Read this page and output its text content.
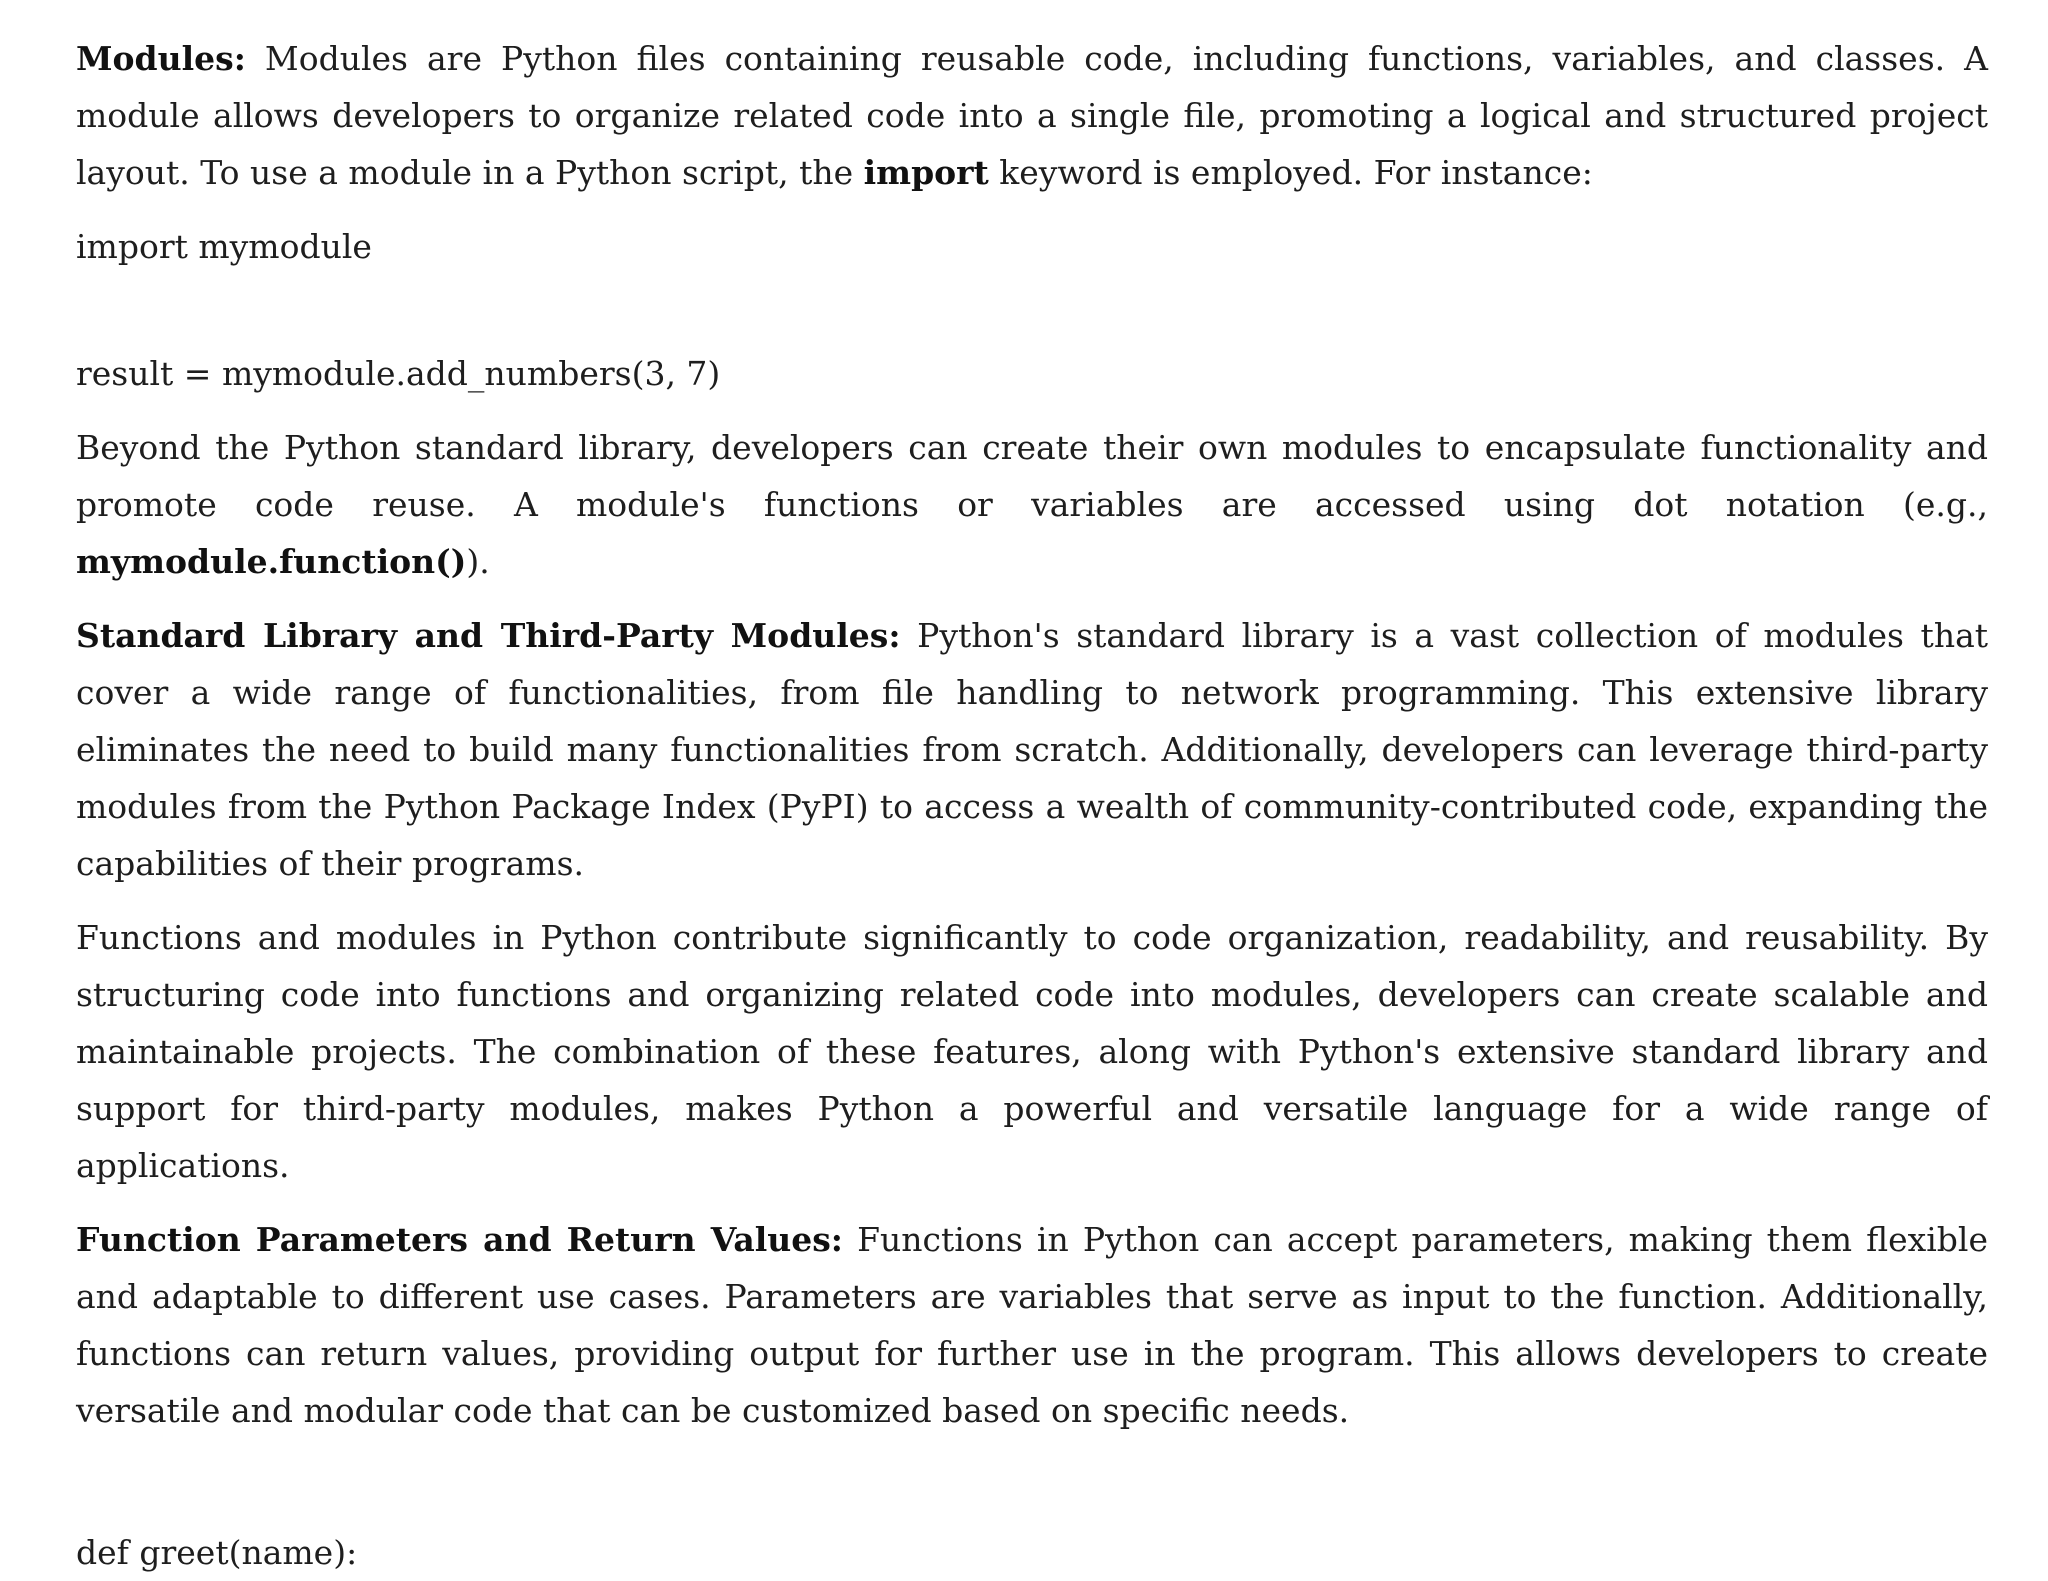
Modules: Modules are Python files containing reusable code, including functions, variables, and classes. A module allows developers to organize related code into a single file, promoting a logical and structured project layout. To use a module in a Python script, the import keyword is employed. For instance:

import mymodule

result = mymodule.add_numbers(3, 7)

Beyond the Python standard library, developers can create their own modules to encapsulate functionality and promote code reuse. A module's functions or variables are accessed using dot notation (e.g., mymodule.function()).

Standard Library and Third-Party Modules: Python's standard library is a vast collection of modules that cover a wide range of functionalities, from file handling to network programming. This extensive library eliminates the need to build many functionalities from scratch. Additionally, developers can leverage third-party modules from the Python Package Index (PyPI) to access a wealth of community-contributed code, expanding the capabilities of their programs.

Functions and modules in Python contribute significantly to code organization, readability, and reusability. By structuring code into functions and organizing related code into modules, developers can create scalable and maintainable projects. The combination of these features, along with Python's extensive standard library and support for third-party modules, makes Python a powerful and versatile language for a wide range of applications.

Function Parameters and Return Values: Functions in Python can accept parameters, making them flexible and adaptable to different use cases. Parameters are variables that serve as input to the function. Additionally, functions can return values, providing output for further use in the program. This allows developers to create versatile and modular code that can be customized based on specific needs.

def greet(name):
